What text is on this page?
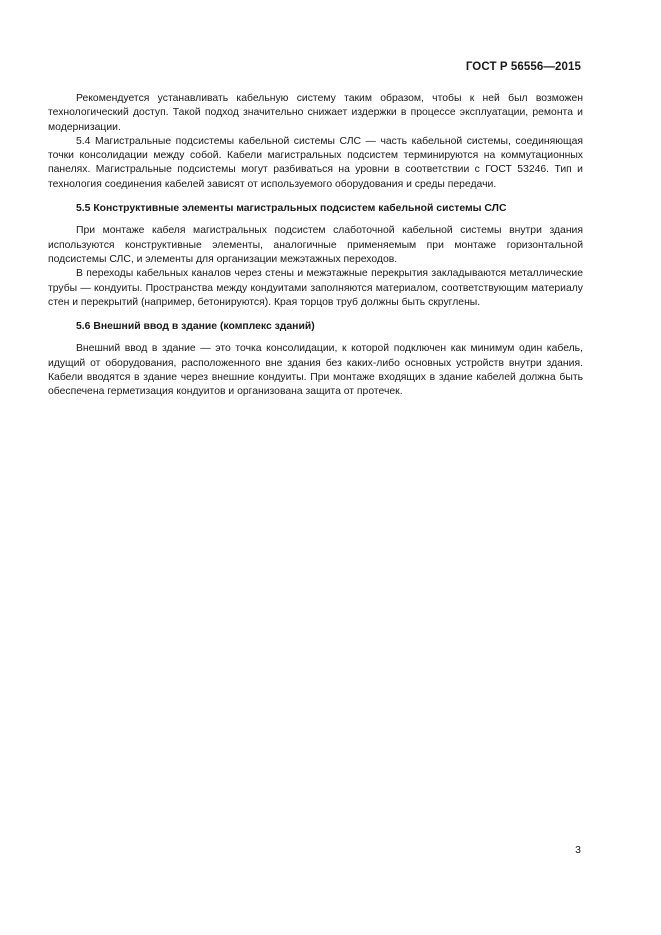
ГОСТ Р 56556—2015

Рекомендуется устанавливать кабельную систему таким образом, чтобы к ней был возможен технологический доступ. Такой подход значительно снижает издержки в процессе эксплуатации, ремонта и модернизации.

5.4 Магистральные подсистемы кабельной системы СЛС — часть кабельной системы, соединяющая точки консолидации между собой. Кабели магистральных подсистем терминируются на коммутационных панелях. Магистральные подсистемы могут разбиваться на уровни в соответствии с ГОСТ 53246. Тип и технология соединения кабелей зависят от используемого оборудования и среды передачи.

5.5 Конструктивные элементы магистральных подсистем кабельной системы СЛС

При монтаже кабеля магистральных подсистем слаботочной кабельной системы внутри здания используются конструктивные элементы, аналогичные применяемым при монтаже горизонтальной подсистемы СЛС, и элементы для организации межэтажных переходов.

В переходы кабельных каналов через стены и межэтажные перекрытия закладываются металлические трубы — кондуиты. Пространства между кондуитами заполняются материалом, соответствующим материалу стен и перекрытий (например, бетонируются). Края торцов труб должны быть скруглены.

5.6 Внешний ввод в здание (комплекс зданий)

Внешний ввод в здание — это точка консолидации, к которой подключен как минимум один кабель, идущий от оборудования, расположенного вне здания без каких-либо основных устройств внутри здания. Кабели вводятся в здание через внешние кондуиты. При монтаже входящих в здание кабелей должна быть обеспечена герметизация кондуитов и организована защита от протечек.

3
